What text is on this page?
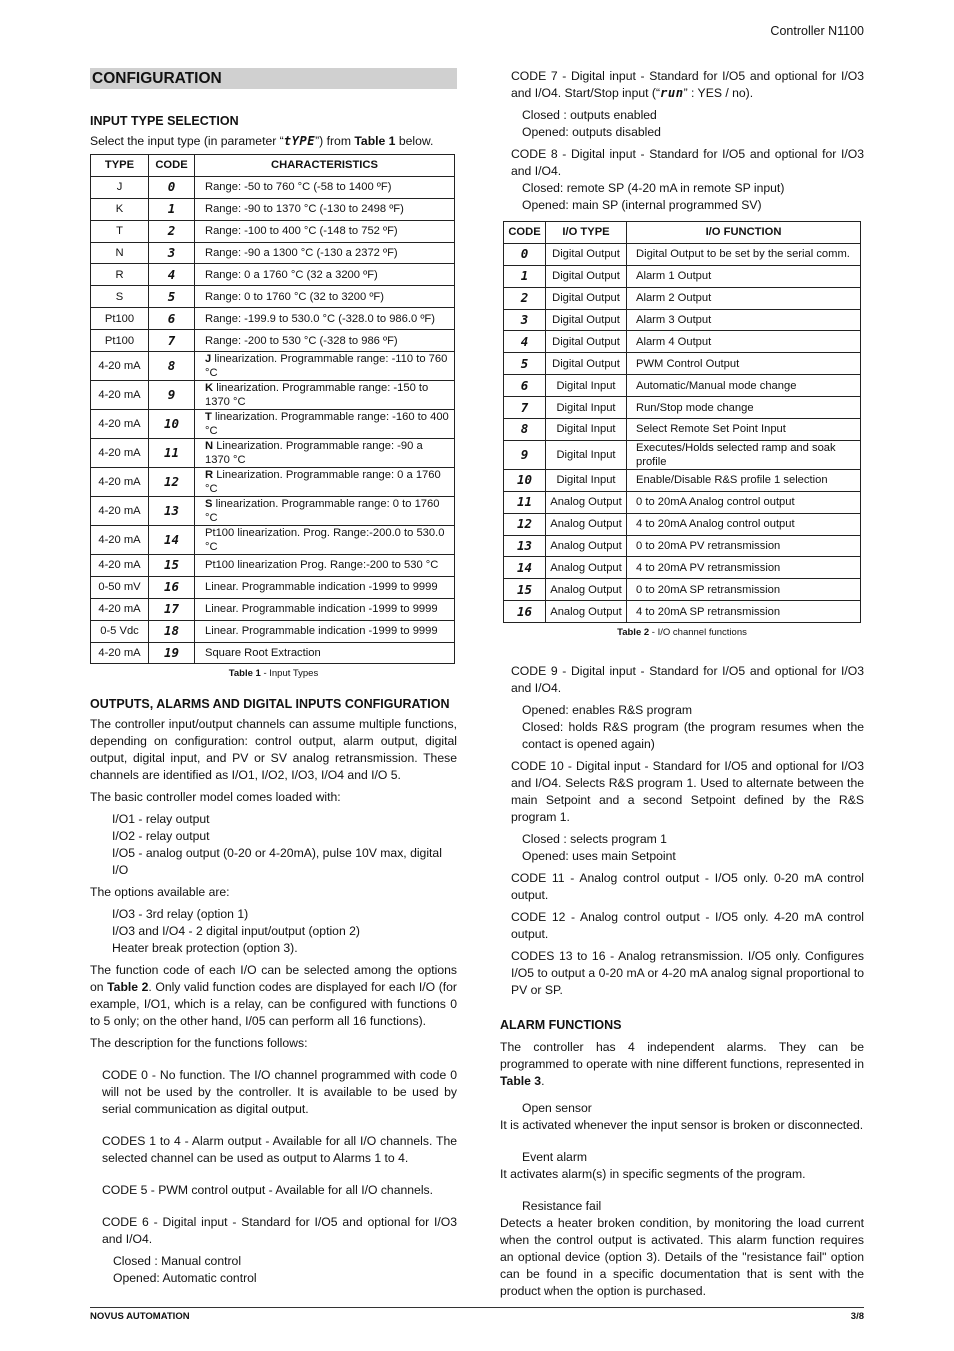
Controller N1100
CONFIGURATION

INPUT TYPE SELECTION

Select the input type (in parameter “tYPE”) from Table 1 below.

TYPE	CODE	CHARACTERISTICS
J	0	Range: -50 to 760 °C (-58 to 1400 ºF)
K	1	Range: -90 to 1370 °C (-130 to 2498 ºF)
T	2	Range: -100 to 400 °C (-148 to 752 ºF)
N	3	Range: -90 a 1300 °C (-130 a 2372 ºF)
R	4	Range: 0 a 1760 °C (32 a 3200 ºF)
S	5	Range: 0 to 1760 °C (32 to 3200 ºF)
Pt100	6	Range: -199.9 to 530.0 °C (-328.0 to 986.0 ºF)
Pt100	7	Range: -200 to 530 °C (-328 to 986 ºF)
4-20 mA	8	J linearization. Programmable range: -110 to 760 °C
4-20 mA	9	K linearization. Programmable range: -150 to 1370 °C
4-20 mA	10	T linearization. Programmable range: -160 to 400 °C
4-20 mA	11	N Linearization. Programmable range: -90 a 1370 °C
4-20 mA	12	R Linearization. Programmable range: 0 a 1760 °C
4-20 mA	13	S linearization. Programmable range: 0 to 1760 °C
4-20 mA	14	Pt100 linearization. Prog. Range:-200.0 to 530.0 °C
4-20 mA	15	Pt100 linearization Prog. Range:-200 to 530 °C
0-50 mV	16	Linear. Programmable indication -1999 to 9999
4-20 mA	17	Linear. Programmable indication -1999 to 9999
0-5 Vdc	18	Linear. Programmable indication -1999 to 9999
4-20 mA	19	Square Root Extraction
Table 1 - Input Types

OUTPUTS, ALARMS AND DIGITAL INPUTS CONFIGURATION

The controller input/output channels can assume multiple functions, depending on configuration: control output, alarm output, digital output, digital input, and PV or SV analog retransmission. These channels are identified as I/O1, I/O2, I/O3, I/O4 and I/O 5.

The basic controller model comes loaded with:

I/O1 - relay output

I/O2 - relay output

I/O5 - analog output (0-20 or 4-20mA), pulse 10V max, digital I/O

The options available are:

I/O3 - 3rd relay (option 1)

I/O3 and I/O4 - 2 digital input/output (option 2)

Heater break protection (option 3).

The function code of each I/O can be selected among the options on Table 2. Only valid function codes are displayed for each I/O (for example, I/O1, which is a relay, can be configured with functions 0 to 5 only; on the other hand, I/05 can perform all 16 functions).

The description for the functions follows:

CODE 0 - No function. The I/O channel programmed with code 0 will not be used by the controller. It is available to be used by serial communication as digital output.

CODES 1 to 4 - Alarm output - Available for all I/O channels. The selected channel can be used as output to Alarms 1 to 4.

CODE 5 - PWM control output - Available for all I/O channels.

CODE 6 - Digital input - Standard for I/O5 and optional for I/O3 and I/O4.

Closed : Manual control

Opened: Automatic control

CODE 7 - Digital input - Standard for I/O5 and optional for I/O3 and I/O4. Start/Stop input (“run” : YES / no).

Closed : outputs enabled

Opened: outputs disabled

CODE 8 - Digital input - Standard for I/O5 and optional for I/O3 and I/O4.

Closed: remote SP (4-20 mA in remote SP input)

Opened: main SP (internal programmed SV)

CODE	I/O TYPE	I/O FUNCTION
0	Digital Output	Digital Output to be set by the serial comm.
1	Digital Output	Alarm 1 Output
2	Digital Output	Alarm 2 Output
3	Digital Output	Alarm 3 Output
4	Digital Output	Alarm 4 Output
5	Digital Output	PWM Control Output
6	Digital Input	Automatic/Manual mode change
7	Digital Input	Run/Stop mode change
8	Digital Input	Select Remote Set Point Input
9	Digital Input	Executes/Holds selected ramp and soak profile
10	Digital Input	Enable/Disable R&S profile 1 selection
11	Analog Output	0 to 20mA Analog control output
12	Analog Output	4 to 20mA Analog control output
13	Analog Output	0 to 20mA PV retransmission
14	Analog Output	4 to 20mA PV retransmission
15	Analog Output	0 to 20mA SP retransmission
16	Analog Output	4 to 20mA SP retransmission
Table 2 - I/O channel functions

CODE 9 - Digital input - Standard for I/O5 and optional for I/O3 and I/O4.

Opened: enables R&S program

Closed: holds R&S program (the program resumes when the contact is opened again)

CODE 10 - Digital input - Standard for I/O5 and optional for I/O3 and I/O4. Selects R&S program 1. Used to alternate between the main Setpoint and a second Setpoint defined by the R&S program 1.

Closed : selects program 1

Opened: uses main Setpoint

CODE 11 - Analog control output - I/O5 only. 0-20 mA control output.

CODE 12 - Analog control output - I/O5 only. 4-20 mA control output.

CODES 13 to 16 - Analog retransmission. I/O5 only. Configures I/O5 to output a 0-20 mA or 4-20 mA analog signal proportional to PV or SP.

ALARM FUNCTIONS

The controller has 4 independent alarms. They can be programmed to operate with nine different functions, represented in Table 3.

Open sensor

It is activated whenever the input sensor is broken or disconnected.

Event alarm

It activates alarm(s) in specific segments of the program.

Resistance fail

Detects a heater broken condition, by monitoring the load current when the control output is activated. This alarm function requires an optional device (option 3). Details of the "resistance fail" option can be found in a specific documentation that is sent with the product when the option is purchased.

NOVUS AUTOMATION	3/8
